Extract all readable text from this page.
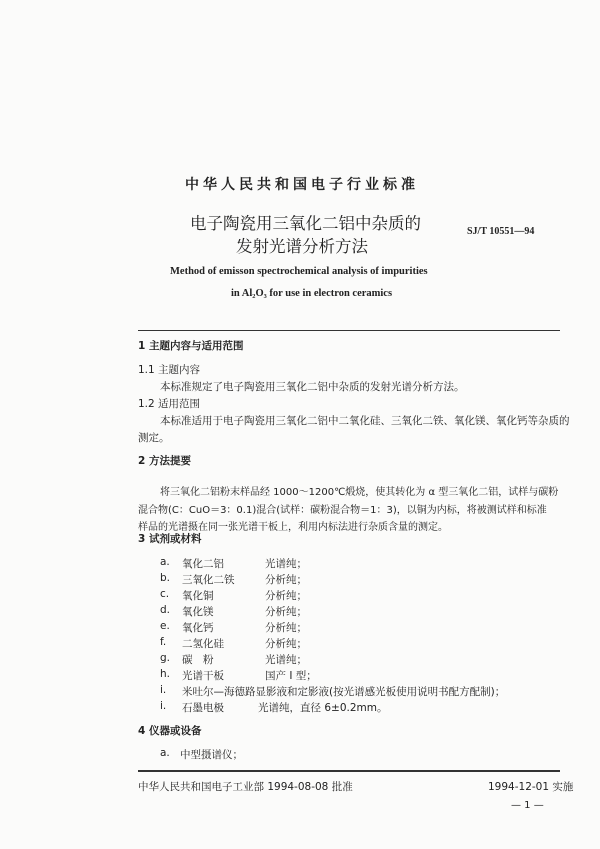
中华人民共和国电子行业标准
电子陶瓷用三氧化二铝中杂质的
发射光谱分析方法
SJ/T 10551—94
Method of emisson spectrochemical analysis of impurities
in Al₂O₃ for use in electron ceramics
1 主题内容与适用范围
1.1 主题内容
本标准规定了电子陶瓷用三氧化二铝中杂质的发射光谱分析方法。
1.2 适用范围
本标准适用于电子陶瓷用三氧化二铝中二氧化硅、三氧化二铁、氧化镁、氧化钙等杂质的
测定。
2 方法提要
将三氧化二铝粉末样品经 1000～1200℃煅烧，使其转化为 α 型三氧化二铝，试样与碳粉
混合物(C：CuO＝3：0.1)混合(试样：碳粉混合物＝1：3)，以铜为内标，将被测试样和标准
样品的光谱摄在同一张光谱干板上，利用内标法进行杂质含量的测定。
3 试剂或材料
a. 氧化二铝	光谱纯；
b. 三氧化二铁	分析纯；
c. 氧化铜	分析纯；
d. 氧化镁	分析纯；
e. 氧化钙	分析纯；
f. 二氢化硅	分析纯；
g. 碳　粉	光谱纯；
h. 光谱干板	国产 I 型；
i. 米吐尔—海德路显影液和定影液(按光谱感光板使用说明书配方配制)；
i. 石墨电极	光谱纯，直径 6±0.2mm。
4 仪器或设备
a. 中型摄谱仪；
中华人民共和国电子工业部 1994-08-08 批准	1994-12-01 实施
— 1 —
